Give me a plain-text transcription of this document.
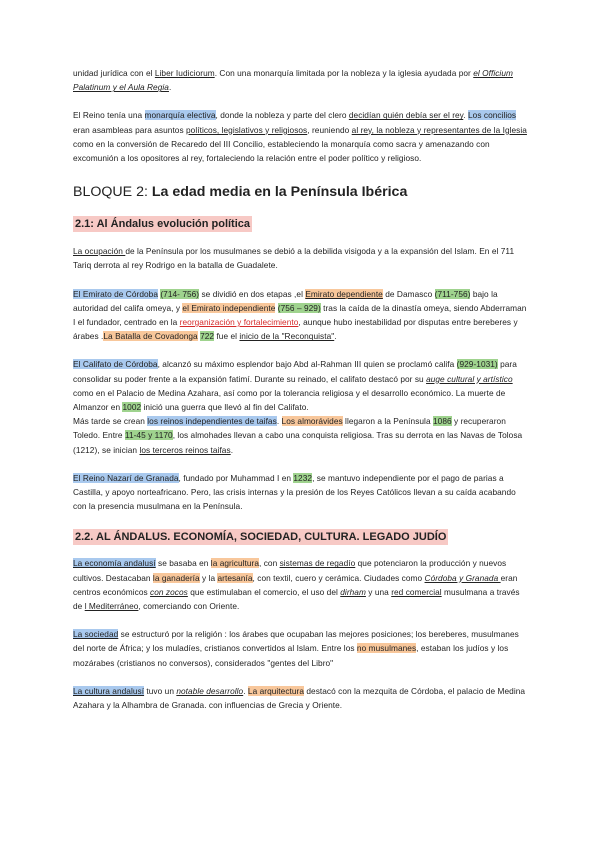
unidad jurídica con el Liber Iudiciorum. Con una monarquía limitada por la nobleza y la iglesia ayudada por el Officium Palatinum y el Aula Regia.

El Reino tenía una monarquía electiva, donde la nobleza y parte del clero decidían quién debía ser el rey. Los concilios eran asambleas para asuntos políticos, legislativos y religiosos, reuniendo al rey, la nobleza y representantes de la Iglesia como en la conversión de Recaredo del III Concilio, estableciendo la monarquía como sacra y amenazando con excomunión a los opositores al rey, fortaleciendo la relación entre el poder político y religioso.

BLOQUE 2: La edad media en la Península Ibérica

2.1: Al Ándalus evolución política

La ocupación de la Península por los musulmanes se debió a la debilida visigoda y a la expansión del Islam. En el 711 Tariq derrota al rey Rodrigo en la batalla de Guadalete.

El Emirato de Córdoba (714- 756) se dividió en dos etapas ,el Emirato dependiente de Damasco (711-756) bajo la autoridad del califa omeya, y el Emirato independiente (756 – 929) tras la caída de la dinastía omeya, siendo Abderraman I el fundador, centrado en la reorganización y fortalecimiento, aunque hubo inestabilidad por disputas entre bereberes y árabes .La Batalla de Covadonga 722 fue el inicio de la "Reconquista".

El Califato de Córdoba, alcanzó su máximo esplendor bajo Abd al-Rahman III quien se proclamó califa (929-1031) para consolidar su poder frente a la expansión fatimí. Durante su reinado, el califato destacó por su auge cultural y artístico como en el Palacio de Medina Azahara, así como por la tolerancia religiosa y el desarrollo económico. La muerte de Almanzor en 1002 inició una guerra que llevó al fin del Califato.

Más tarde se crean los reinos independientes de taifas. Los almorávides llegaron a la Península 1086 y recuperaron Toledo. Entre 11-45 y 1170, los almohades llevan a cabo una conquista religiosa. Tras su derrota en las Navas de Tolosa (1212), se inician los terceros reinos taifas.

El Reino Nazarí de Granada, fundado por Muhammad I en 1232, se mantuvo independiente por el pago de parias a Castilla, y apoyo norteafricano. Pero, las crisis internas y la presión de los Reyes Católicos llevan a su caída acabando con la presencia musulmana en la Península.

2.2. AL ÁNDALUS. ECONOMÍA, SOCIEDAD, CULTURA. LEGADO JUDÍO

La economía andalusí se basaba en la agricultura, con sistemas de regadío que potenciaron la producción y nuevos cultivos. Destacaban la ganadería y la artesanía, con textil, cuero y cerámica. Ciudades como Córdoba y Granada eran centros económicos con zocos que estimulaban el comercio, el uso del dirham y una red comercial musulmana a través de l Mediterráneo, comerciando con Oriente.

La sociedad se estructuró por la religión : los árabes que ocupaban las mejores posiciones; los bereberes, musulmanes del norte de África; y los muladíes, cristianos convertidos al Islam. Entre los no musulmanes, estaban los judíos y los mozárabes (cristianos no conversos), considerados "gentes del Libro"

La cultura andalusí tuvo un notable desarrollo. La arquitectura destacó con la mezquita de Córdoba, el palacio de Medina Azahara y la Alhambra de Granada. con influencias de Grecia y Oriente.
